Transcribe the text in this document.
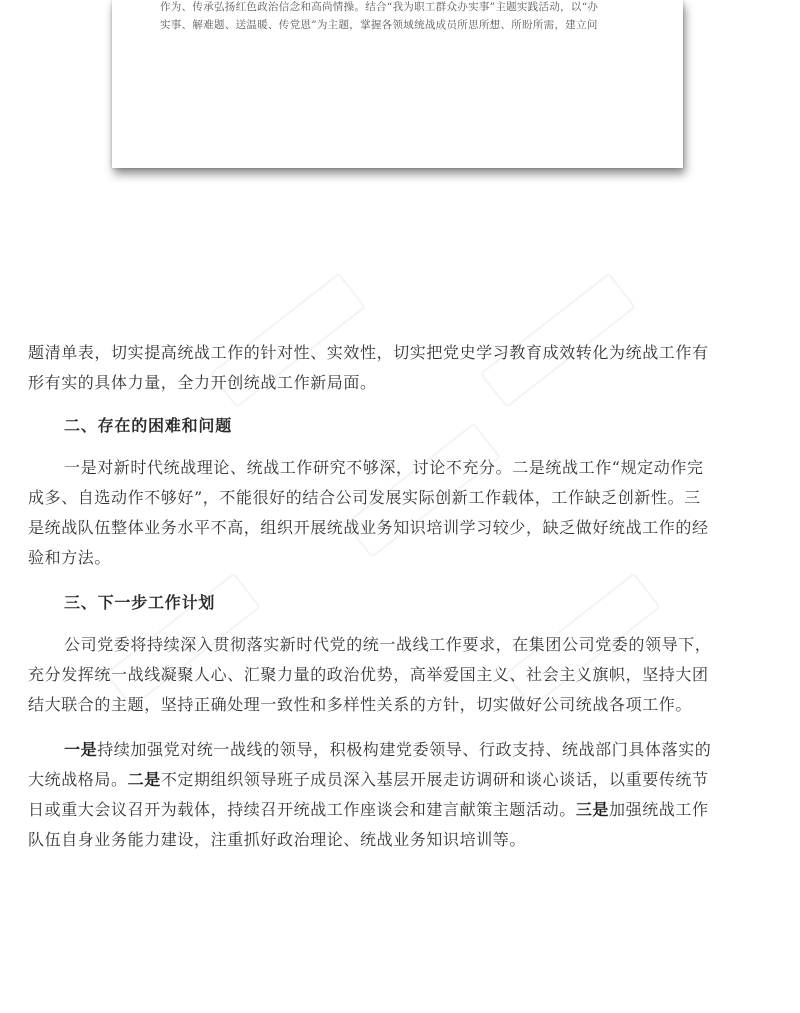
作为、传承弘扬红色政治信念和高尚情操。结合“我为职工群众办实事”主题实践活动，以“办
实事、解难题、送温暖、传党恩”为主题，掌握各领域统战成员所思所想、所盼所需，建立问
题清单表，切实提高统战工作的针对性、实效性，切实把党史学习教育成效转化为统战工作有
形有实的具体力量，全力开创统战工作新局面。
二、存在的困难和问题
一是对新时代统战理论、统战工作研究不够深，讨论不充分。二是统战工作“规定动作完
成多、自选动作不够好”，不能很好的结合公司发展实际创新工作载体，工作缺乏创新性。三
是统战队伍整体业务水平不高，组织开展统战业务知识培训学习较少，缺乏做好统战工作的经
验和方法。
三、下一步工作计划
公司党委将持续深入贯彻落实新时代党的统一战线工作要求，在集团公司党委的领导下，
充分发挥统一战线凝聚人心、汇聚力量的政治优势，高举爱国主义、社会主义旗帜，坚持大团
结大联合的主题，坚持正确处理一致性和多样性关系的方针，切实做好公司统战各项工作。
一是持续加强党对统一战线的领导，积极构建党委领导、行政支持、统战部门具体落实的
大统战格局。二是不定期组织领导班子成员深入基层开展走访调研和谈心谈话，以重要传统节
日或重大会议召开为载体，持续召开统战工作座谈会和建言献策主题活动。三是加强统战工作
队伍自身业务能力建设，注重抓好政治理论、统战业务知识培训等。
